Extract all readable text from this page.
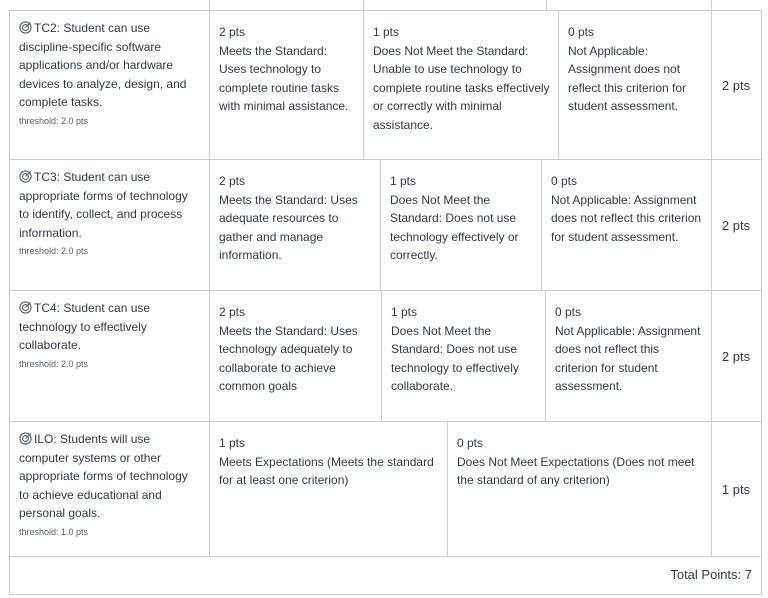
TC2: Student can use discipline-specific software applications and/or hardware devices to analyze, design, and complete tasks.
threshold: 2.0 pts
2 pts
Meets the Standard: Uses technology to complete routine tasks with minimal assistance.
1 pts
Does Not Meet the Standard: Unable to use technology to complete routine tasks effectively or correctly with minimal assistance.
0 pts
Not Applicable: Assignment does not reflect this criterion for student assessment.
2 pts
TC3: Student can use appropriate forms of technology to identify, collect, and process information.
threshold: 2.0 pts
2 pts
Meets the Standard: Uses adequate resources to gather and manage information.
1 pts
Does Not Meet the Standard: Does not use technology effectively or correctly.
0 pts
Not Applicable: Assignment does not reflect this criterion for student assessment.
2 pts
TC4: Student can use technology to effectively collaborate.
threshold: 2.0 pts
2 pts
Meets the Standard: Uses technology adequately to collaborate to achieve common goals
1 pts
Does Not Meet the Standard: Does not use technology to effectively collaborate.
0 pts
Not Applicable: Assignment does not reflect this criterion for student assessment.
2 pts
ILO: Students will use computer systems or other appropriate forms of technology to achieve educational and personal goals.
threshold: 1.0 pts
1 pts
Meets Expectations (Meets the standard for at least one criterion)
0 pts
Does Not Meet Expectations (Does not meet the standard of any criterion)
1 pts
Total Points: 7
